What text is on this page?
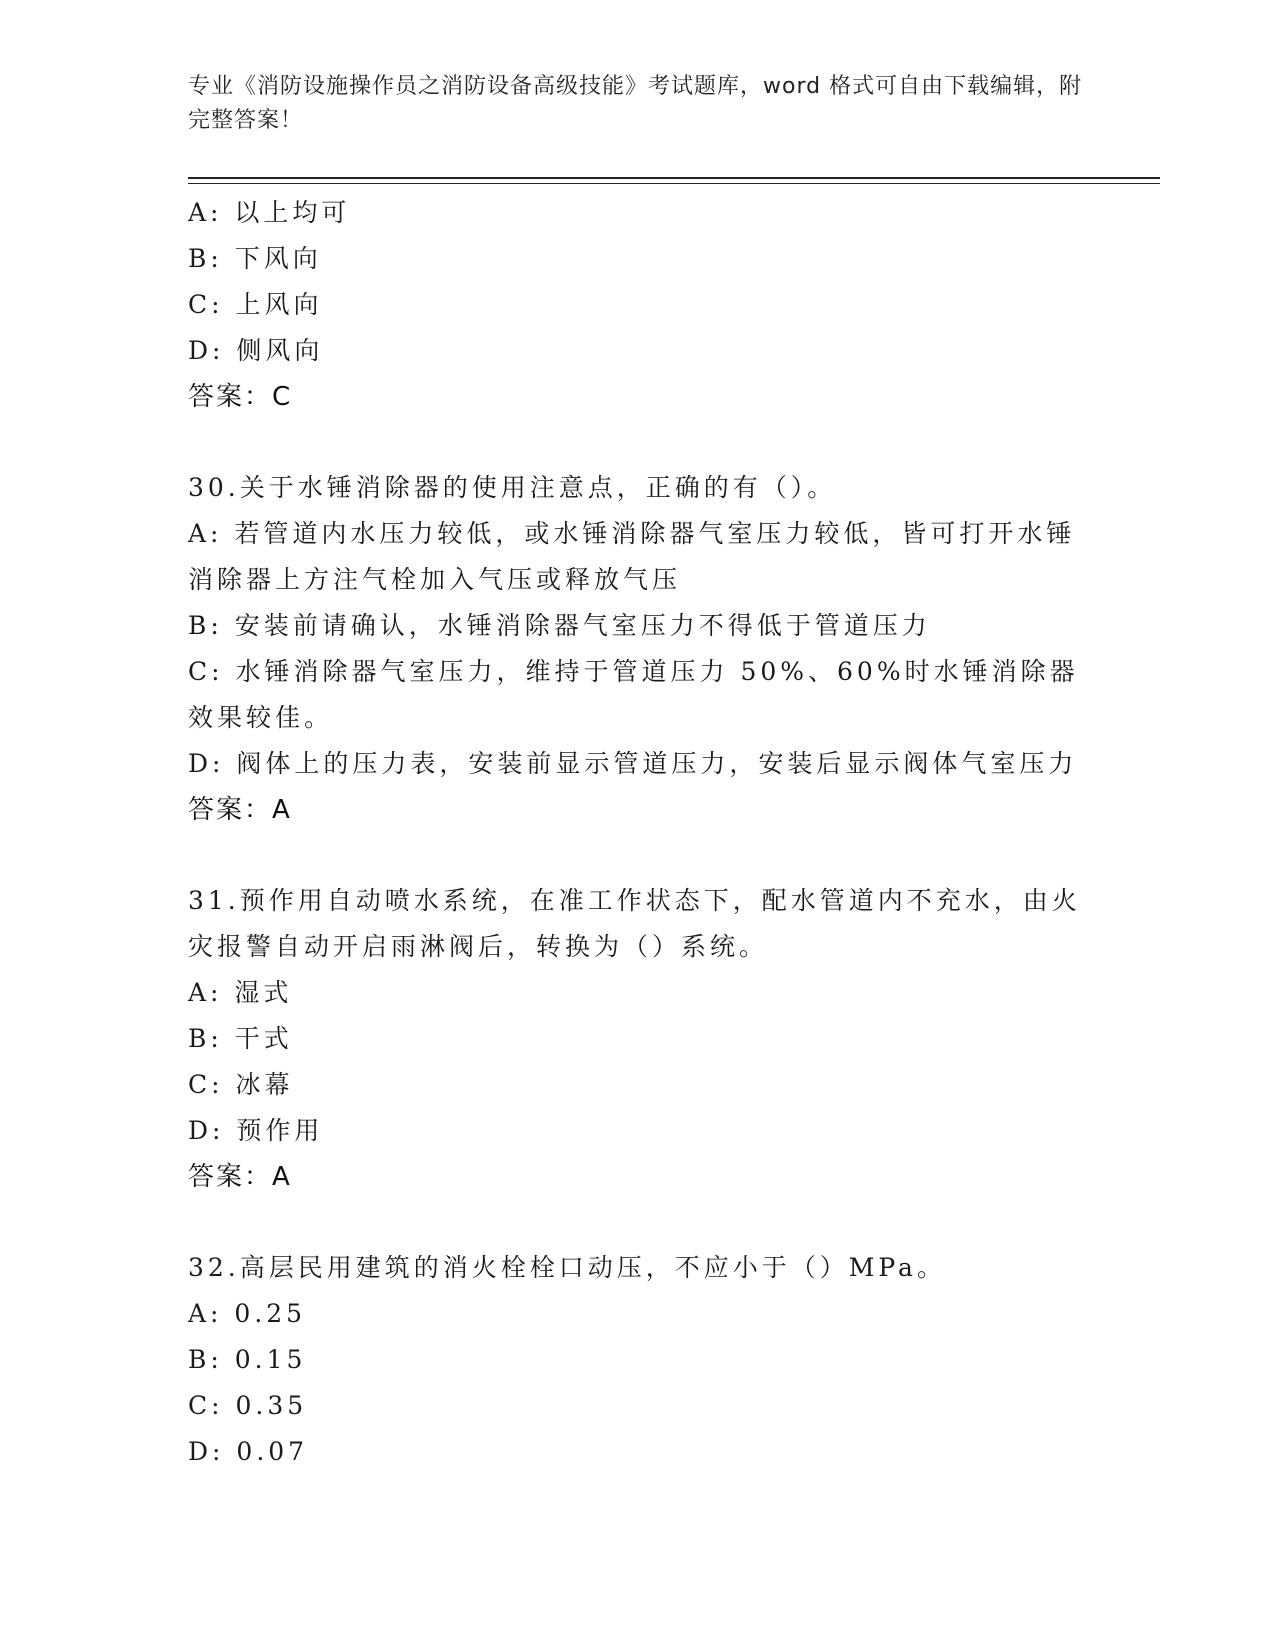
专业《消防设施操作员之消防设备高级技能》考试题库，word 格式可自由下载编辑，附完整答案！
A: 以上均可
B: 下风向
C: 上风向
D: 侧风向
答案：C
30.关于水锤消除器的使用注意点，正确的有（）。
A: 若管道内水压力较低，或水锤消除器气室压力较低，皆可打开水锤消除器上方注气栓加入气压或释放气压
B: 安装前请确认，水锤消除器气室压力不得低于管道压力
C: 水锤消除器气室压力，维持于管道压力 50%、60%时水锤消除器效果较佳。
D: 阀体上的压力表，安装前显示管道压力，安装后显示阀体气室压力
答案：A
31.预作用自动喷水系统，在准工作状态下，配水管道内不充水，由火灾报警自动开启雨淋阀后，转换为（）系统。
A: 湿式
B: 干式
C: 冰幕
D: 预作用
答案：A
32.高层民用建筑的消火栓栓口动压，不应小于（）MPa。
A: 0.25
B: 0.15
C: 0.35
D: 0.07
